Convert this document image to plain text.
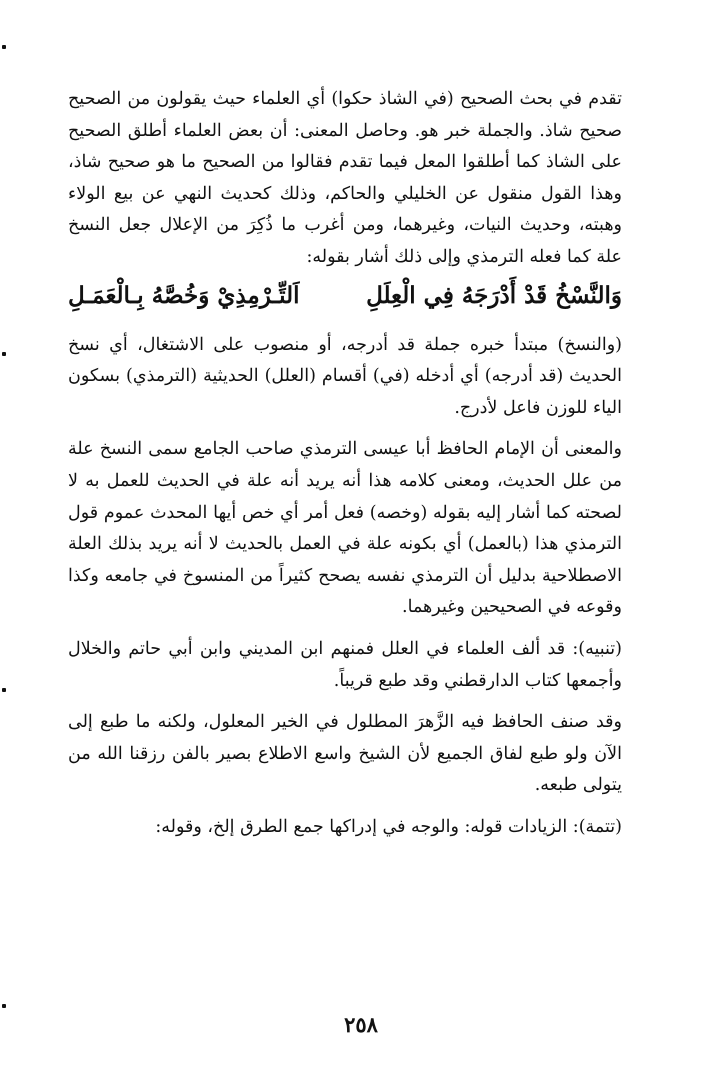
تقدم في بحث الصحيح (في الشاذ حكوا) أي العلماء حيث يقولون من الصحيح صحيح شاذ. والجملة خبر هو. وحاصل المعنى: أن بعض العلماء أطلق الصحيح على الشاذ كما أطلقوا المعل فيما تقدم فقالوا من الصحيح ما هو صحيح شاذ، وهذا القول منقول عن الخليلي والحاكم، وذلك كحديث النهي عن بيع الولاء وهبته، وحديث النيات، وغيرهما، ومن أغرب ما ذُكِرَ من الإعلال جعل النسخ علة كما فعله الترمذي وإلى ذلك أشار بقوله:

وَالنَّسْخُ قَدْ أَدْرَجَهُ فِي الْعِلَلِ
اَلتِّـرْمِذِيْ وَخُصَّهُ بِـالْعَمَـلِ

(والنسخ) مبتدأ خبره جملة قد أدرجه، أو منصوب على الاشتغال، أي نسخ الحديث (قد أدرجه) أي أدخله (في) أقسام (العلل) الحديثية (الترمذي) بسكون الياء للوزن فاعل لأدرج.

والمعنى أن الإمام الحافظ أبا عيسى الترمذي صاحب الجامع سمى النسخ علة من علل الحديث، ومعنى كلامه هذا أنه يريد أنه علة في الحديث للعمل به لا لصحته كما أشار إليه بقوله (وخصه) فعل أمر أي خص أيها المحدث عموم قول الترمذي هذا (بالعمل) أي بكونه علة في العمل بالحديث لا أنه يريد بذلك العلة الاصطلاحية بدليل أن الترمذي نفسه يصحح كثيراً من المنسوخ في جامعه وكذا وقوعه في الصحيحين وغيرهما.

(تنبيه): قد ألف العلماء في العلل فمنهم ابن المديني وابن أبي حاتم والخلال وأجمعها كتاب الدارقطني وقد طبع قريباً.

وقد صنف الحافظ فيه الزَّهرَ المطلول في الخير المعلول، ولكنه ما طبع إلى الآن ولو طبع لفاق الجميع لأن الشيخ واسع الاطلاع بصير بالفن رزقنا الله من يتولى طبعه.

(تتمة): الزيادات قوله: والوجه في إدراكها جمع الطرق إلخ، وقوله:

٢٥٨
